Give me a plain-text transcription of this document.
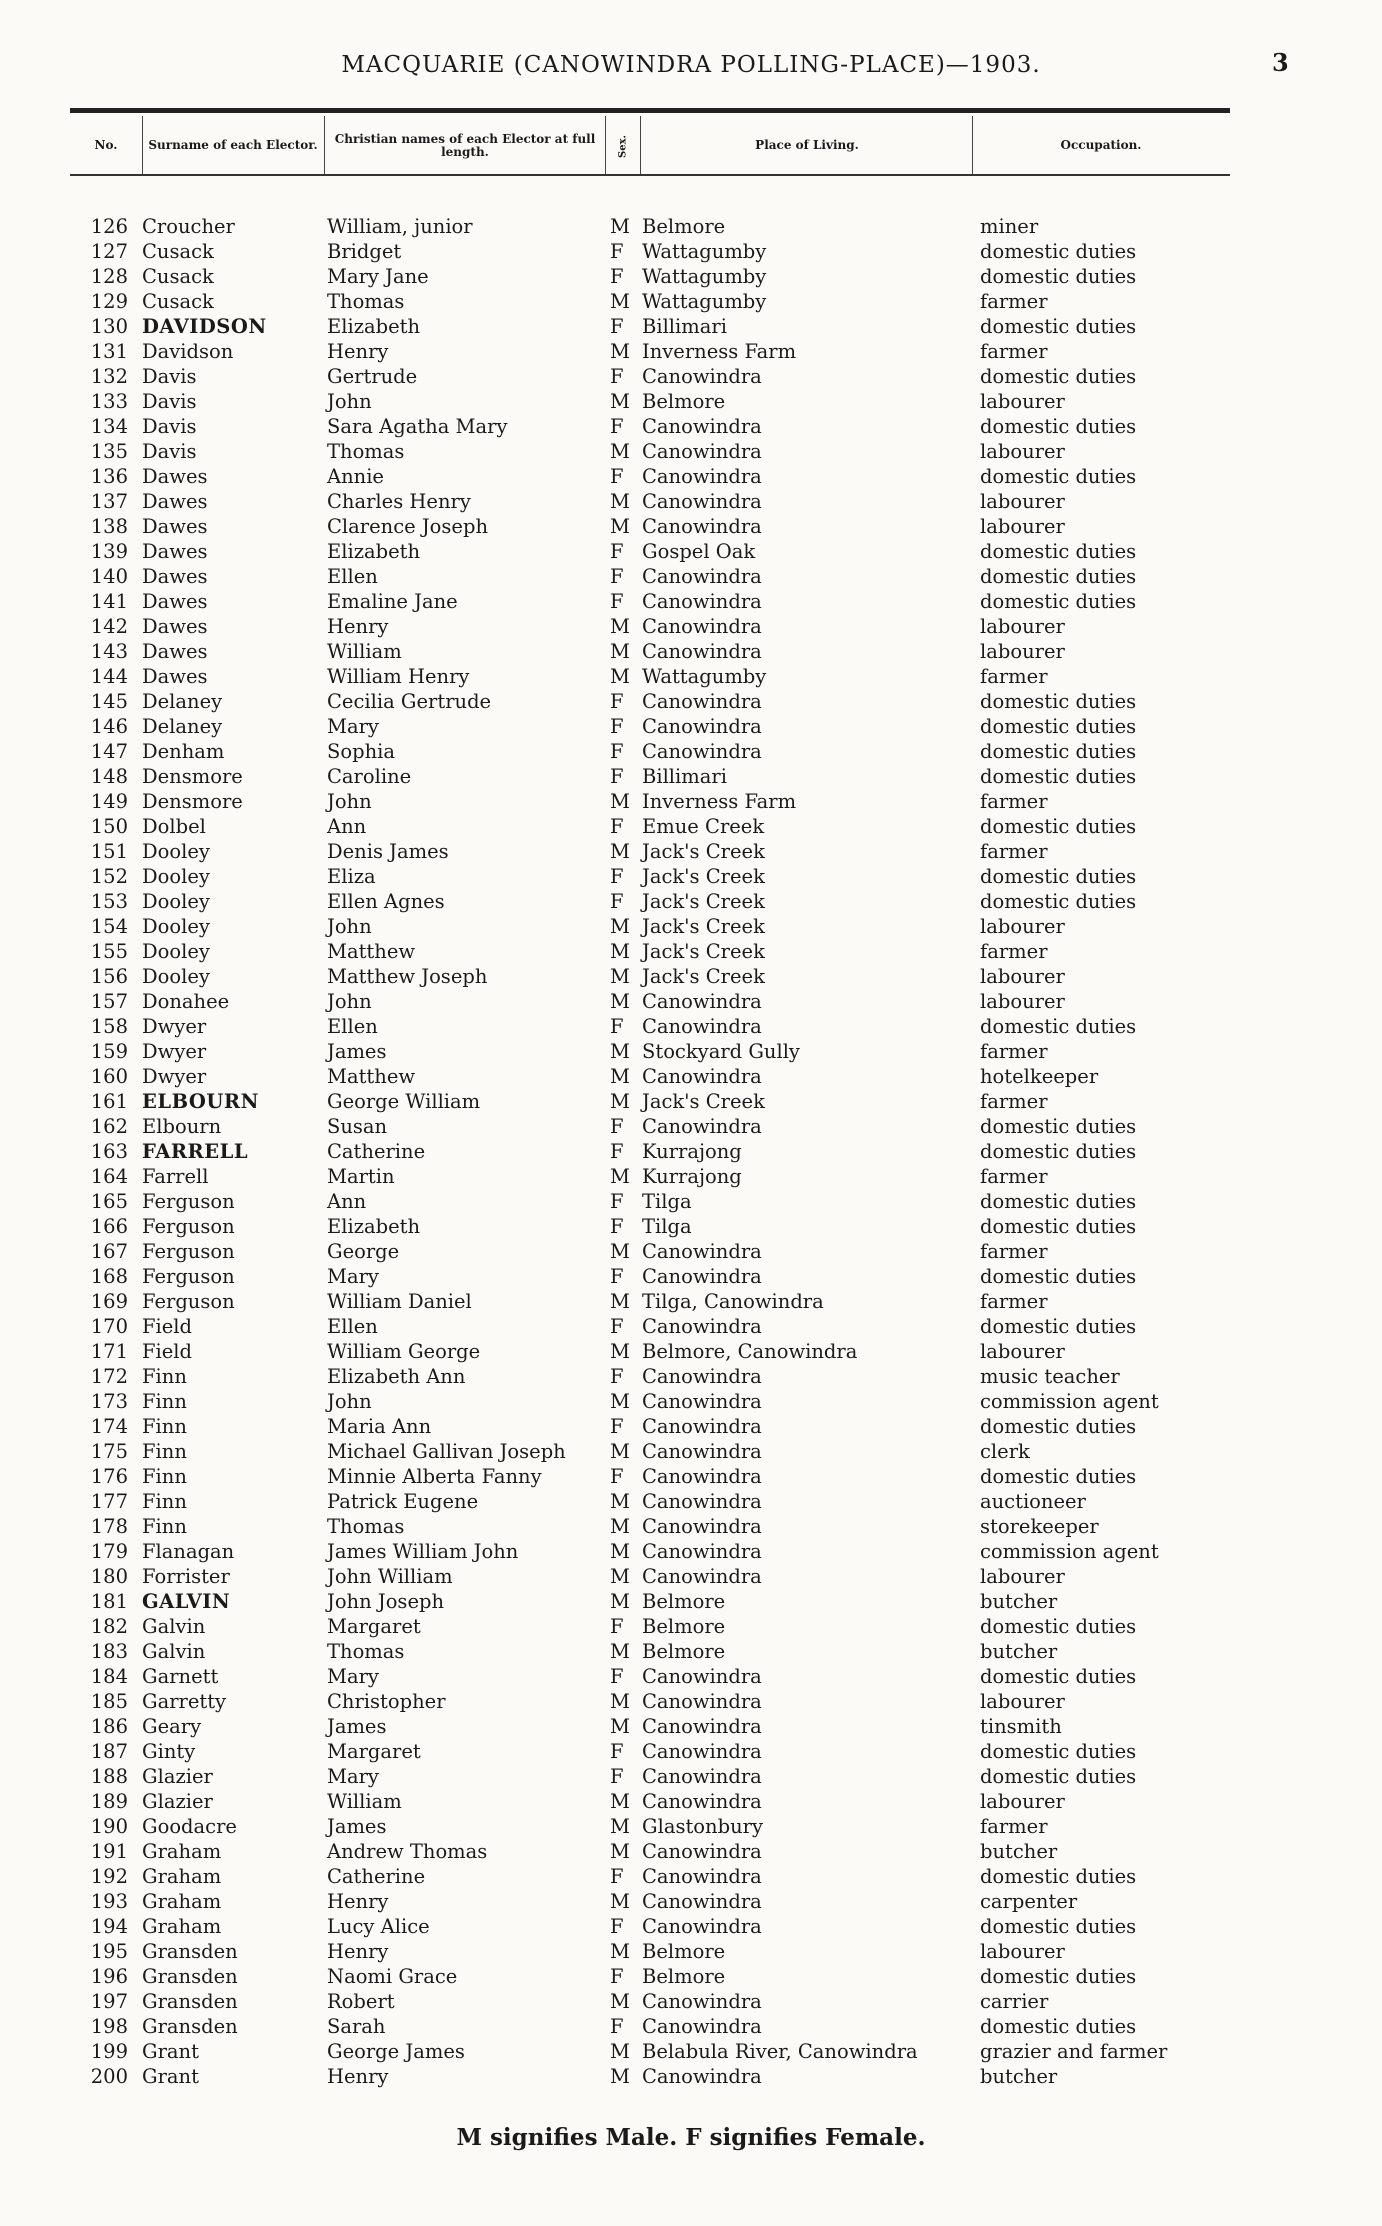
MACQUARIE (CANOWINDRA POLLING-PLACE)—1903.	3
No.	Surname of each Elector.	Christian names of each Elector at full length.	Sex.	Place of Living.	Occupation.
126 Croucher	William, junior	M Belmore	miner
127 Cusack	Bridget	F Wattagumby	domestic duties
128 Cusack	Mary Jane	F Wattagumby	domestic duties
129 Cusack	Thomas	M Wattagumby	farmer
130 DAVIDSON	Elizabeth	F Billimari	domestic duties
131 Davidson	Henry	M Inverness Farm	farmer
132 Davis	Gertrude	F Canowindra	domestic duties
133 Davis	John	M Belmore	labourer
134 Davis	Sara Agatha Mary	F Canowindra	domestic duties
135 Davis	Thomas	M Canowindra	labourer
136 Dawes	Annie	F Canowindra	domestic duties
137 Dawes	Charles Henry	M Canowindra	labourer
138 Dawes	Clarence Joseph	M Canowindra	labourer
139 Dawes	Elizabeth	F Gospel Oak	domestic duties
140 Dawes	Ellen	F Canowindra	domestic duties
141 Dawes	Emaline Jane	F Canowindra	domestic duties
142 Dawes	Henry	M Canowindra	labourer
143 Dawes	William	M Canowindra	labourer
144 Dawes	William Henry	M Wattagumby	farmer
145 Delaney	Cecilia Gertrude	F Canowindra	domestic duties
146 Delaney	Mary	F Canowindra	domestic duties
147 Denham	Sophia	F Canowindra	domestic duties
148 Densmore	Caroline	F Billimari	domestic duties
149 Densmore	John	M Inverness Farm	farmer
150 Dolbel	Ann	F Emue Creek	domestic duties
151 Dooley	Denis James	M Jack's Creek	farmer
152 Dooley	Eliza	F Jack's Creek	domestic duties
153 Dooley	Ellen Agnes	F Jack's Creek	domestic duties
154 Dooley	John	M Jack's Creek	labourer
155 Dooley	Matthew	M Jack's Creek	farmer
156 Dooley	Matthew Joseph	M Jack's Creek	labourer
157 Donahee	John	M Canowindra	labourer
158 Dwyer	Ellen	F Canowindra	domestic duties
159 Dwyer	James	M Stockyard Gully	farmer
160 Dwyer	Matthew	M Canowindra	hotelkeeper
161 ELBOURN	George William	M Jack's Creek	farmer
162 Elbourn	Susan	F Canowindra	domestic duties
163 FARRELL	Catherine	F Kurrajong	domestic duties
164 Farrell	Martin	M Kurrajong	farmer
165 Ferguson	Ann	F Tilga	domestic duties
166 Ferguson	Elizabeth	F Tilga	domestic duties
167 Ferguson	George	M Canowindra	farmer
168 Ferguson	Mary	F Canowindra	domestic duties
169 Ferguson	William Daniel	M Tilga, Canowindra	farmer
170 Field	Ellen	F Canowindra	domestic duties
171 Field	William George	M Belmore, Canowindra	labourer
172 Finn	Elizabeth Ann	F Canowindra	music teacher
173 Finn	John	M Canowindra	commission agent
174 Finn	Maria Ann	F Canowindra	domestic duties
175 Finn	Michael Gallivan Joseph M Canowindra	clerk
176 Finn	Minnie Alberta Fanny	F Canowindra	domestic duties
177 Finn	Patrick Eugene	M Canowindra	auctioneer
178 Finn	Thomas	M Canowindra	storekeeper
179 Flanagan	James William John	M Canowindra	commission agent
180 Forrister	John William	M Canowindra	labourer
181 GALVIN	John Joseph	M Belmore	butcher
182 Galvin	Margaret	F Belmore	domestic duties
183 Galvin	Thomas	M Belmore	butcher
184 Garnett	Mary	F Canowindra	domestic duties
185 Garretty	Christopher	M Canowindra	labourer
186 Geary	James	M Canowindra	tinsmith
187 Ginty	Margaret	F Canowindra	domestic duties
188 Glazier	Mary	F Canowindra	domestic duties
189 Glazier	William	M Canowindra	labourer
190 Goodacre	James	M Glastonbury	farmer
191 Graham	Andrew Thomas	M Canowindra	butcher
192 Graham	Catherine	F Canowindra	domestic duties
193 Graham	Henry	M Canowindra	carpenter
194 Graham	Lucy Alice	F Canowindra	domestic duties
195 Gransden	Henry	M Belmore	labourer
196 Gransden	Naomi Grace	F Belmore	domestic duties
197 Gransden	Robert	M Canowindra	carrier
198 Gransden	Sarah	F Canowindra	domestic duties
199 Grant	George James	M Belabula River, Canowindra	grazier and farmer
200 Grant	Henry	M Canowindra	butcher
M signifies Male. F signifies Female.
